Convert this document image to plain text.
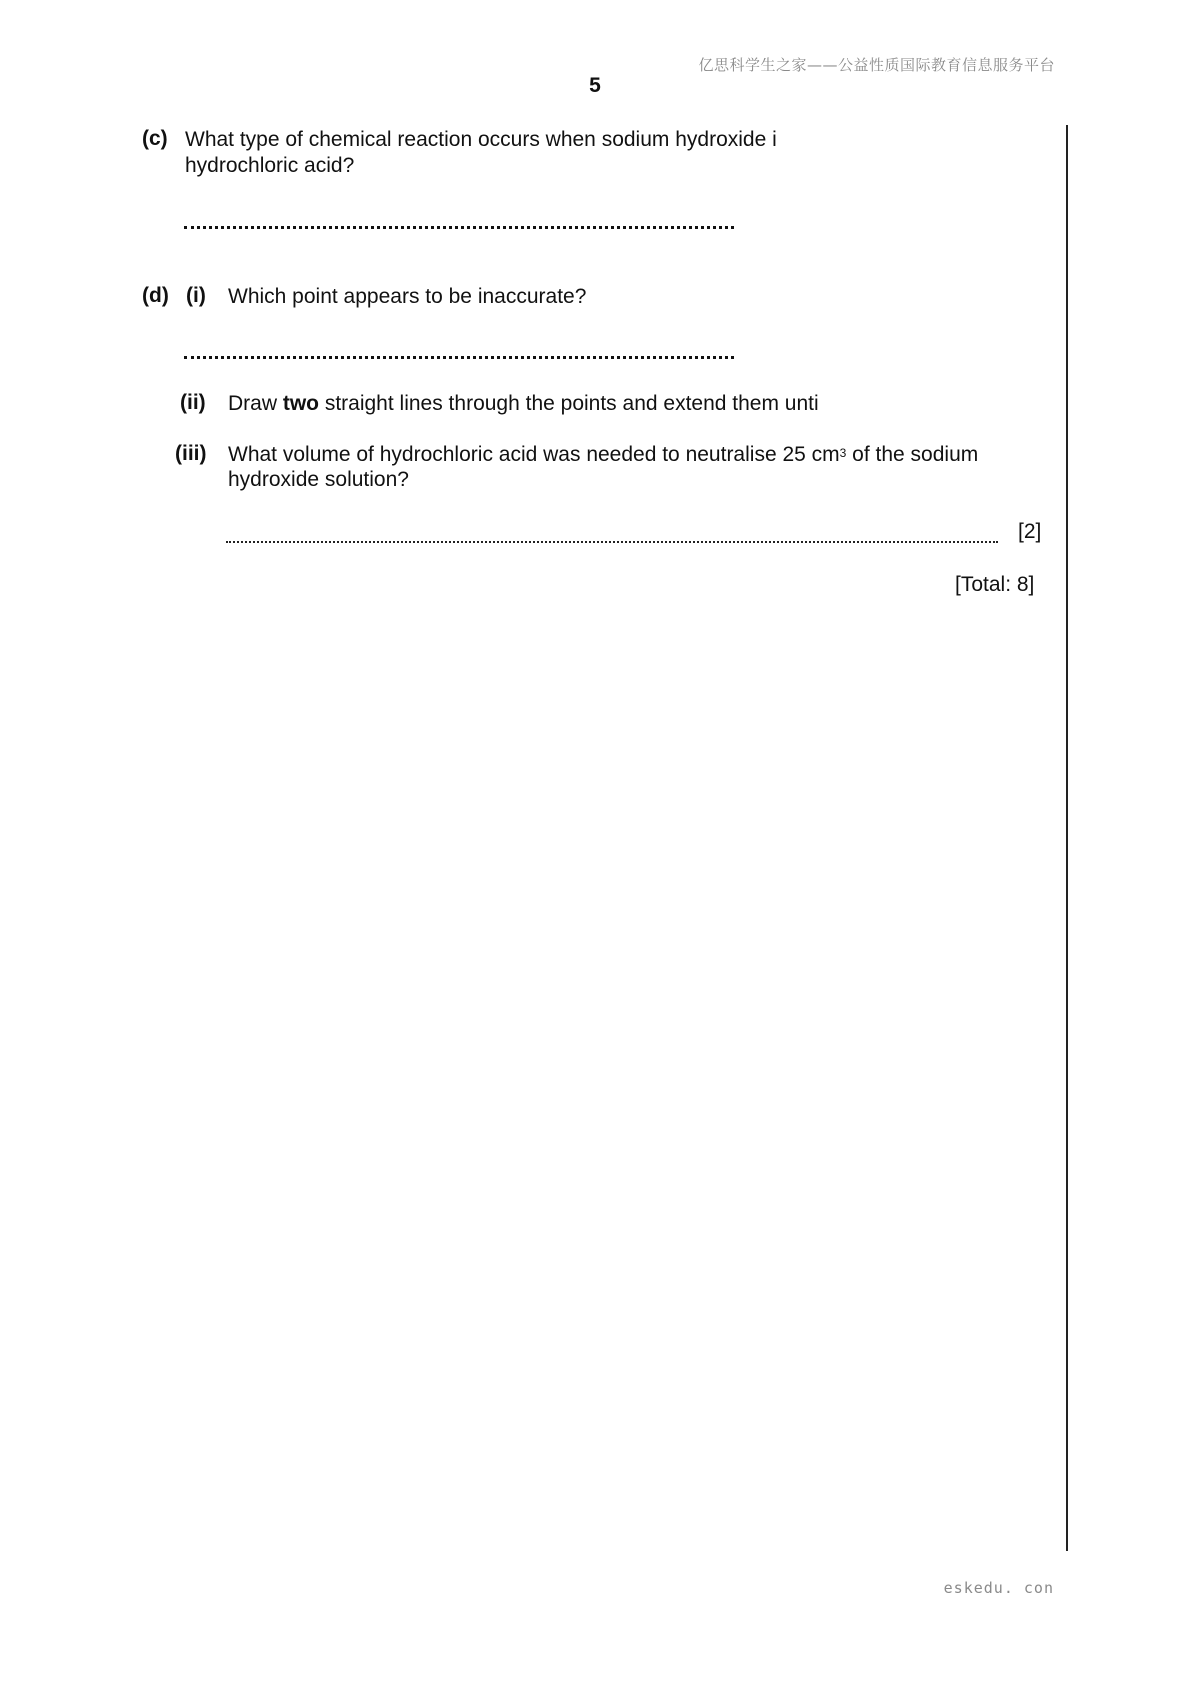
亿思科学生之家——公益性质国际教育信息服务平台
5
(c) What type of chemical reaction occurs when sodium hydroxide i
hydrochloric acid?
(d) (i) Which point appears to be inaccurate?
(ii) Draw two straight lines through the points and extend them unti
(iii) What volume of hydrochloric acid was needed to neutralise 25 $cm^3$ of the sodium
hydroxide solution?
[2]
[Total: 8]
eskedu. con
